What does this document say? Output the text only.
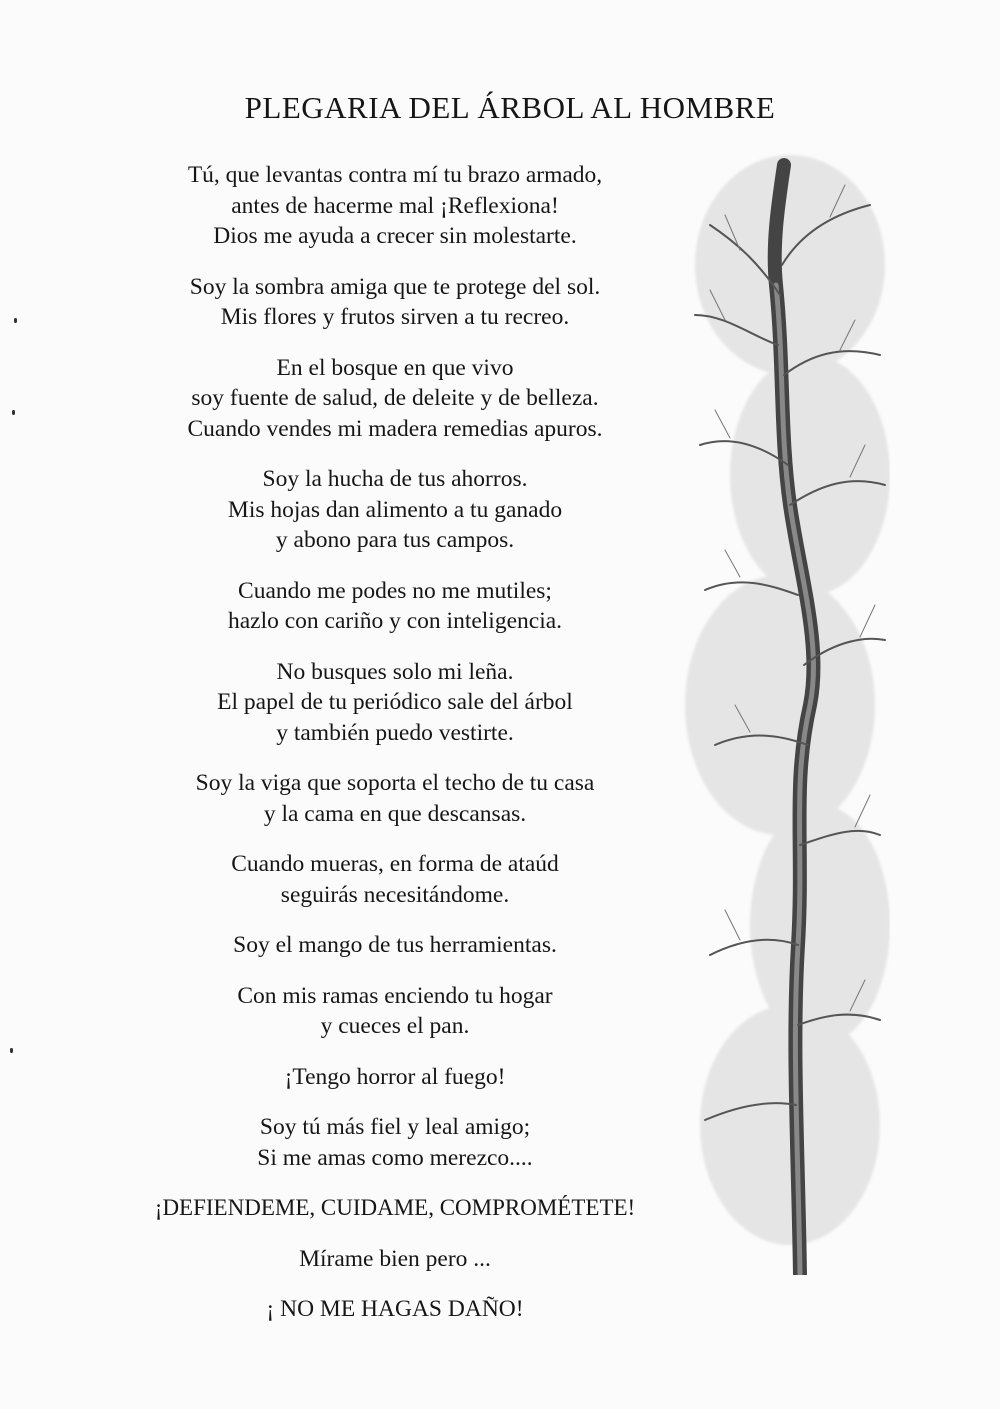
PLEGARIA DEL ÁRBOL AL HOMBRE
Tú, que levantas contra mí tu brazo armado,
antes de hacerme mal ¡Reflexiona!
Dios me ayuda a crecer sin molestarte.
Soy la sombra amiga que te protege del sol.
Mis flores y frutos sirven a tu recreo.
En el bosque en que vivo
soy fuente de salud, de deleite y de belleza.
Cuando vendes mi madera remedias apuros.
Soy la hucha de tus ahorros.
Mis hojas dan alimento a tu ganado
y abono para tus campos.
Cuando me podes no me mutiles;
hazlo con cariño y con inteligencia.
No busques solo mi leña.
El papel de tu periódico sale del árbol
y también puedo vestirte.
Soy la viga que soporta el techo de tu casa
y la cama en que descansas.
Cuando mueras, en forma de ataúd
seguirás necesitándome.
Soy el mango de tus herramientas.
Con mis ramas enciendo tu hogar
y cueces el pan.
¡Tengo horror al fuego!
Soy tú más fiel y leal amigo;
Si me amas como merezco....
¡DEFIENDEME, CUIDAME, COMPROMÉTETE!
Mírame bien pero ...
¡ NO ME HAGAS DAÑO!
